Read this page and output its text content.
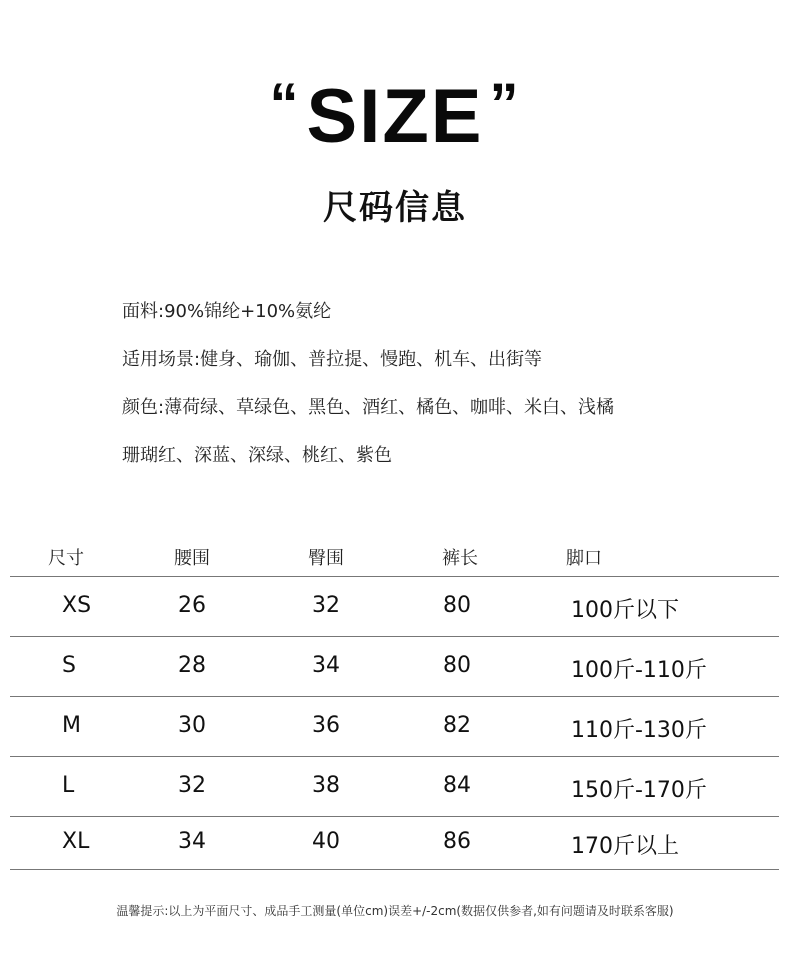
“SIZE ”
尺码信息
面料:90%锦纶+10%氨纶
适用场景:健身、瑜伽、普拉提、慢跑、机车、出街等
颜色:薄荷绿、草绿色、黑色、酒红、橘色、咖啡、米白、浅橘
珊瑚红、深蓝、深绿、桃红、紫色
尺寸	腰围	臀围	裤长	脚口
XS	26	32	80	100斤以下
S	28	34	80	100斤-110斤
M	30	36	82	110斤-130斤
L	32	38	84	150斤-170斤
XL	34	40	86	170斤以上
温馨提示:以上为平面尺寸、成品手工测量(单位cm)误差+/-2cm(数据仅供参者,如有问题请及时联系客服)
